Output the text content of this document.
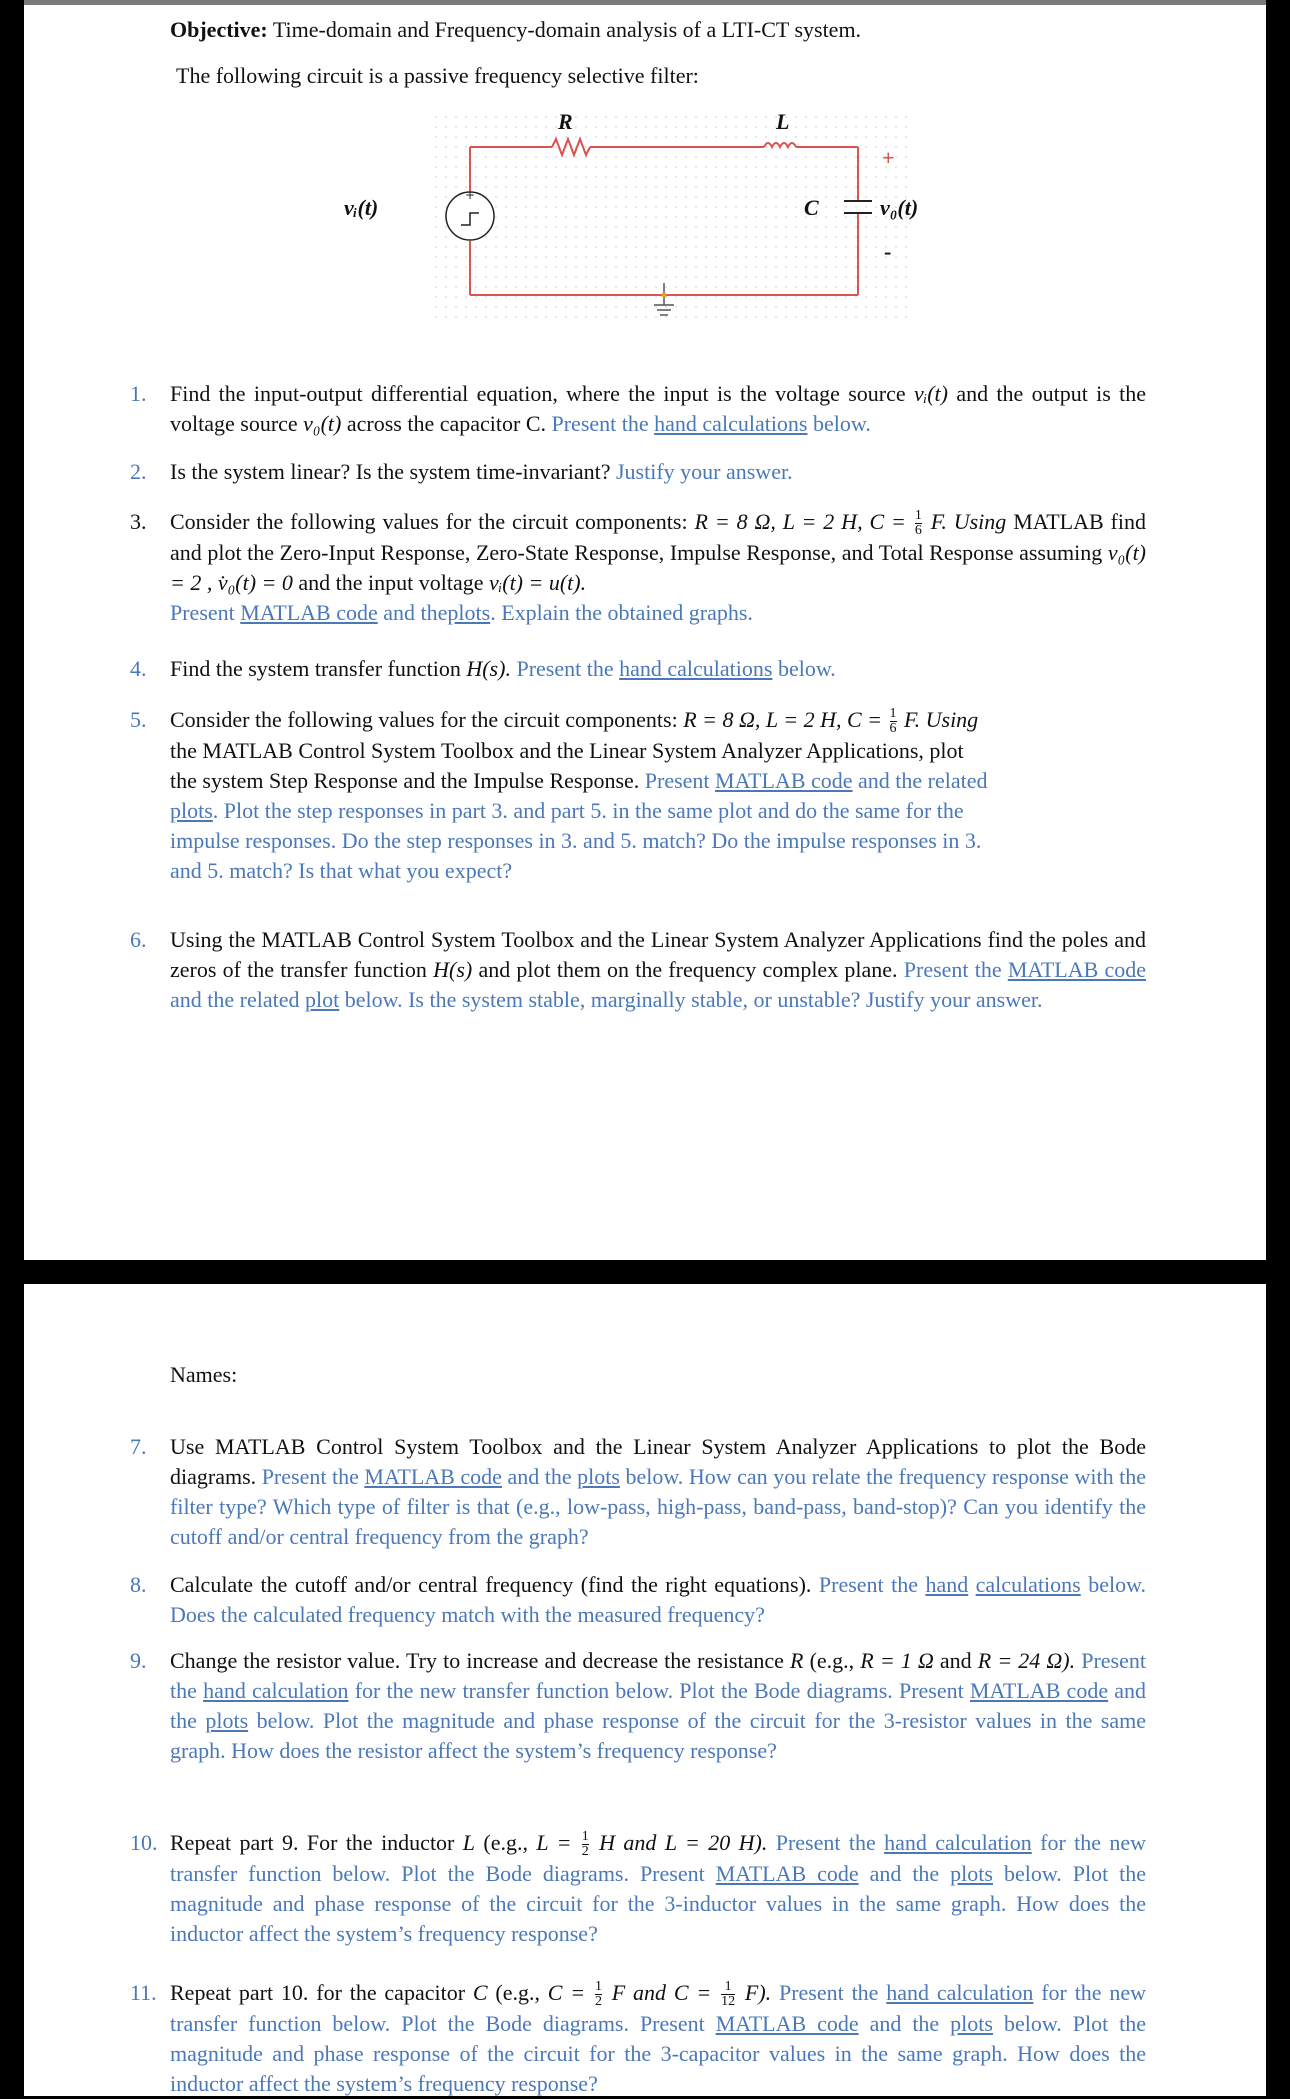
Objective: Time-domain and Frequency-domain analysis of a LTI-CT system.
The following circuit is a passive frequency selective filter:
+
R	L
C
vᵢ(t)	v₀(t)
+
-
1. Find the input-output differential equation, where the input is the voltage source vᵢ(t) and the output is the voltage source v₀(t) across the capacitor C. Present the hand calculations below.
2. Is the system linear? Is the system time-invariant? Justify your answer.
3. Consider the following values for the circuit components: R = 8 Ω, L = 2 H, $C = \frac{1}{6} F$. Using MATLAB find and plot the Zero-Input Response, Zero-State Response, Impulse Response, and Total Response assuming v₀(t) = 2 , v̇₀(t) = 0 and the input voltage vᵢ(t) = u(t).
Present MATLAB code and theplots. Explain the obtained graphs.
4. Find the system transfer function H(s). Present the hand calculations below.
5. Consider the following values for the circuit components: R = 8 Ω, L = 2 H, $C = \frac{1}{6} F$. Using
the MATLAB Control System Toolbox and the Linear System Analyzer Applications, plot
the system Step Response and the Impulse Response. Present MATLAB code and the related
plots. Plot the step responses in part 3. and part 5. in the same plot and do the same for the
impulse responses. Do the step responses in 3. and 5. match? Do the impulse responses in 3.
and 5. match? Is that what you expect?
6. Using the MATLAB Control System Toolbox and the Linear System Analyzer Applications find the poles and zeros of the transfer function H(s) and plot them on the frequency complex plane. Present the MATLAB code and the related plot below. Is the system stable, marginally stable, or unstable? Justify your answer.
Names:
7. Use MATLAB Control System Toolbox and the Linear System Analyzer Applications to plot the Bode diagrams. Present the MATLAB code and the plots below. How can you relate the frequency response with the filter type? Which type of filter is that (e.g., low-pass, high-pass, band-pass, band-stop)? Can you identify the cutoff and/or central frequency from the graph?
8. Calculate the cutoff and/or central frequency (find the right equations). Present the hand calculations below. Does the calculated frequency match with the measured frequency?
9. Change the resistor value. Try to increase and decrease the resistance R (e.g., R = 1 Ω and R = 24 Ω). Present the hand calculation for the new transfer function below. Plot the Bode diagrams. Present MATLAB code and the plots below. Plot the magnitude and phase response of the circuit for the 3-resistor values in the same graph. How does the resistor affect the system’s frequency response?
10. Repeat part 9. For the inductor L (e.g., $L = \frac{1}{2}$ H and L = 20 H). Present the hand calculation for the new transfer function below. Plot the Bode diagrams. Present MATLAB code and the plots below. Plot the magnitude and phase response of the circuit for the 3-inductor values in the same graph. How does the inductor affect the system’s frequency response?
11. Repeat part 10. for the capacitor C (e.g., $C = \frac{1}{2}$ F and $C = \frac{1}{12} F$). Present the hand calculation for the new transfer function below. Plot the Bode diagrams. Present MATLAB code and the plots below. Plot the magnitude and phase response of the circuit for the 3-capacitor values in the same graph. How does the inductor affect the system’s frequency response?
